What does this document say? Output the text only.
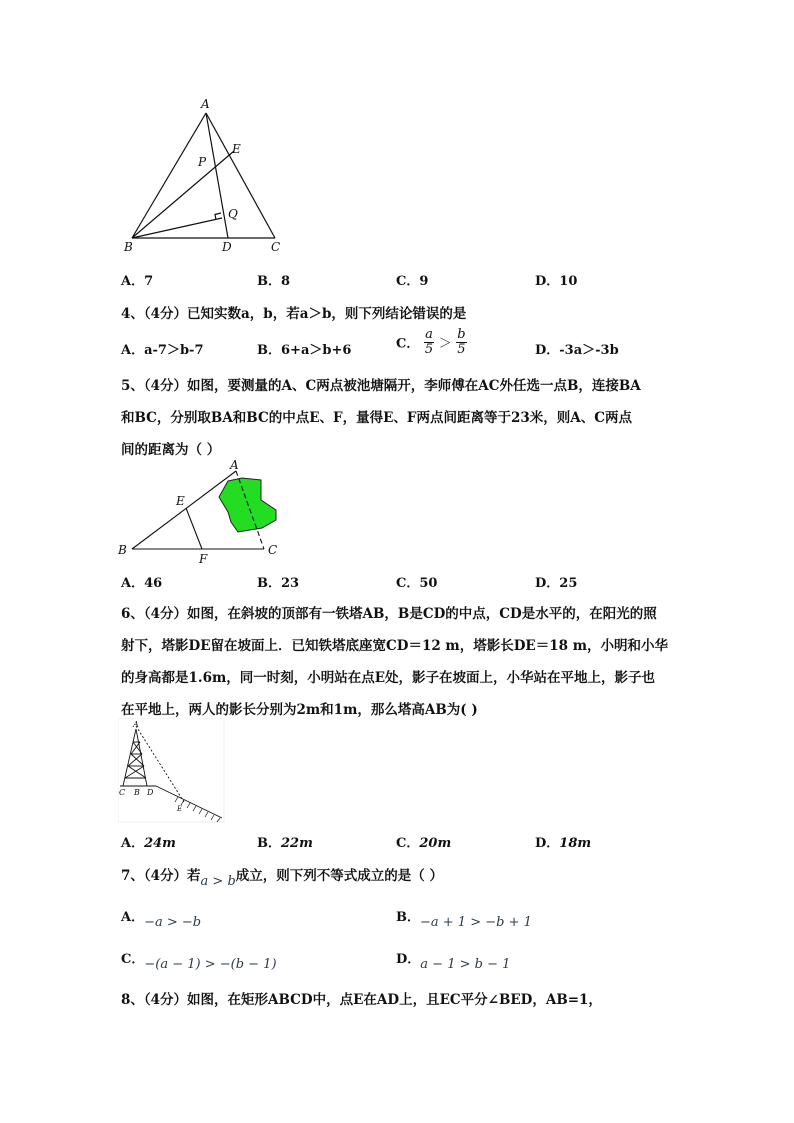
A
E
P
Q
B	D	C
A．7	B．8	C．9	D．10
4、（4分）已知实数a，b，若a＞b，则下列结论错误的是
A．a-7＞b-7	B．6+a＞b+6	C． $\frac{a}{5} > \frac{b}{5}$	D．-3a＞-3b
5、（4分）如图，要测量的A、C两点被池塘隔开，李师傅在AC外任选一点B，连接BA
和BC，分别取BA和BC的中点E、F，量得E、F两点间距离等于23米，则A、C两点
间的距离为（ ）
A
E
B
F
C
A．46	B．23	C．50	D．25
6、（4分）如图，在斜坡的顶部有一铁塔AB，B是CD的中点，CD是水平的，在阳光的照
射下，塔影DE留在坡面上．已知铁塔底座宽CD＝12 m，塔影长DE＝18 m，小明和小华
的身高都是1.6m，同一时刻，小明站在点E处，影子在坡面上，小华站在平地上，影子也
在平地上，两人的影长分别为2m和1m，那么塔高AB为( )
A
C B D
E
A．24m	B．22m	C．20m	D．18m
7、（4分）若a > b成立，则下列不等式成立的是（ ）
A．−a > −b	B．−a + 1 > −b + 1
C．−(a − 1) > −(b − 1)	D．a − 1 > b − 1
8、（4分）如图，在矩形ABCD中，点E在AD上，且EC平分∠BED，AB=1，
